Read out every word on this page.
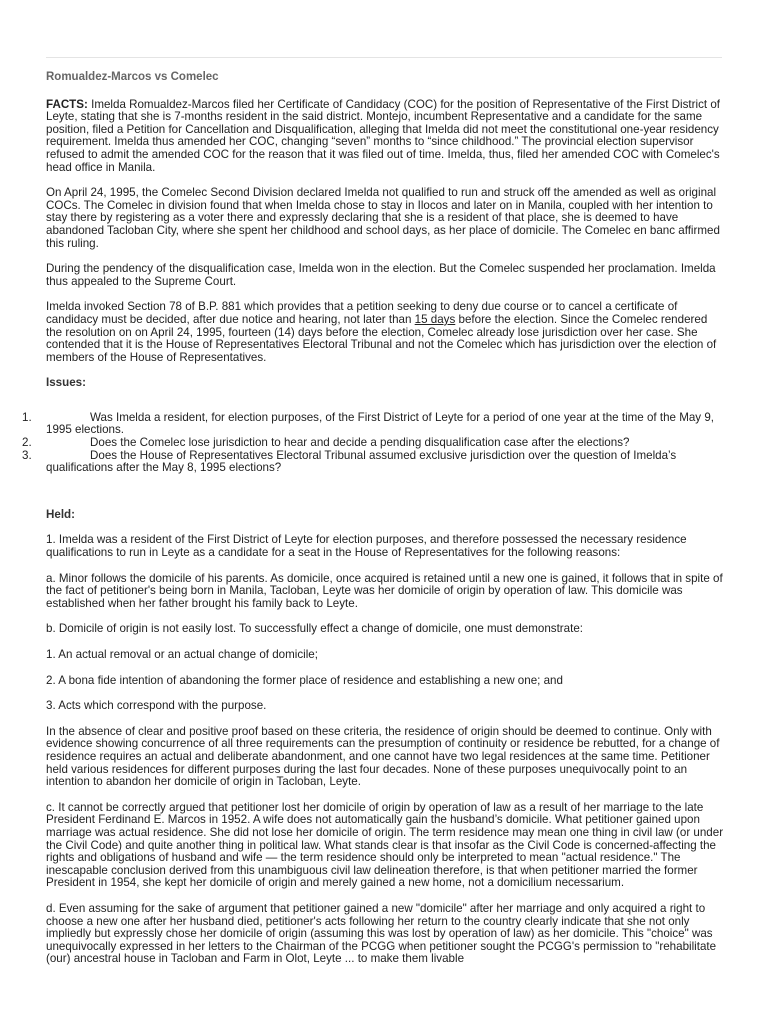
Romualdez-Marcos vs Comelec

FACTS: Imelda Romualdez-Marcos filed her Certificate of Candidacy (COC) for the position of Representative of the First District of Leyte, stating that she is 7-months resident in the said district. Montejo, incumbent Representative and a candidate for the same position, filed a Petition for Cancellation and Disqualification, alleging that Imelda did not meet the constitutional one-year residency requirement. Imelda thus amended her COC, changing “seven” months to “since childhood.” The provincial election supervisor refused to admit the amended COC for the reason that it was filed out of time. Imelda, thus, filed her amended COC with Comelec's head office in Manila.

On April 24, 1995, the Comelec Second Division declared Imelda not qualified to run and struck off the amended as well as original COCs. The Comelec in division found that when Imelda chose to stay in Ilocos and later on in Manila, coupled with her intention to stay there by registering as a voter there and expressly declaring that she is a resident of that place, she is deemed to have abandoned Tacloban City, where she spent her childhood and school days, as her place of domicile. The Comelec en banc affirmed this ruling.

During the pendency of the disqualification case, Imelda won in the election. But the Comelec suspended her proclamation. Imelda thus appealed to the Supreme Court.

Imelda invoked Section 78 of B.P. 881 which provides that a petition seeking to deny due course or to cancel a certificate of candidacy must be decided, after due notice and hearing, not later than 15 days before the election. Since the Comelec rendered the resolution on on April 24, 1995, fourteen (14) days before the election, Comelec already lose jurisdiction over her case. She contended that it is the House of Representatives Electoral Tribunal and not the Comelec which has jurisdiction over the election of members of the House of Representatives.

Issues:
1.	Was Imelda a resident, for election purposes, of the First District of Leyte for a period of one year at the time of the May 9, 1995 elections.
2.	Does the Comelec lose jurisdiction to hear and decide a pending disqualification case after the elections?
3.	Does the House of Representatives Electoral Tribunal assumed exclusive jurisdiction over the question of Imelda’s qualifications after the May 8, 1995 elections?
Held:

1. Imelda was a resident of the First District of Leyte for election purposes, and therefore possessed the necessary residence qualifications to run in Leyte as a candidate for a seat in the House of Representatives for the following reasons:

a. Minor follows the domicile of his parents. As domicile, once acquired is retained until a new one is gained, it follows that in spite of the fact of petitioner's being born in Manila, Tacloban, Leyte was her domicile of origin by operation of law. This domicile was established when her father brought his family back to Leyte.

b. Domicile of origin is not easily lost. To successfully effect a change of domicile, one must demonstrate:

1. An actual removal or an actual change of domicile;

2. A bona fide intention of abandoning the former place of residence and establishing a new one; and

3. Acts which correspond with the purpose.

In the absence of clear and positive proof based on these criteria, the residence of origin should be deemed to continue. Only with evidence showing concurrence of all three requirements can the presumption of continuity or residence be rebutted, for a change of residence requires an actual and deliberate abandonment, and one cannot have two legal residences at the same time. Petitioner held various residences for different purposes during the last four decades. None of these purposes unequivocally point to an intention to abandon her domicile of origin in Tacloban, Leyte.

c. It cannot be correctly argued that petitioner lost her domicile of origin by operation of law as a result of her marriage to the late President Ferdinand E. Marcos in 1952. A wife does not automatically gain the husband’s domicile. What petitioner gained upon marriage was actual residence. She did not lose her domicile of origin. The term residence may mean one thing in civil law (or under the Civil Code) and quite another thing in political law. What stands clear is that insofar as the Civil Code is concerned-affecting the rights and obligations of husband and wife — the term residence should only be interpreted to mean "actual residence." The inescapable conclusion derived from this unambiguous civil law delineation therefore, is that when petitioner married the former President in 1954, she kept her domicile of origin and merely gained a new home, not a domicilium necessarium.

d. Even assuming for the sake of argument that petitioner gained a new "domicile" after her marriage and only acquired a right to choose a new one after her husband died, petitioner's acts following her return to the country clearly indicate that she not only impliedly but expressly chose her domicile of origin (assuming this was lost by operation of law) as her domicile. This "choice" was unequivocally expressed in her letters to the Chairman of the PCGG when petitioner sought the PCGG's permission to "rehabilitate (our) ancestral house in Tacloban and Farm in Olot, Leyte ... to make them livable
